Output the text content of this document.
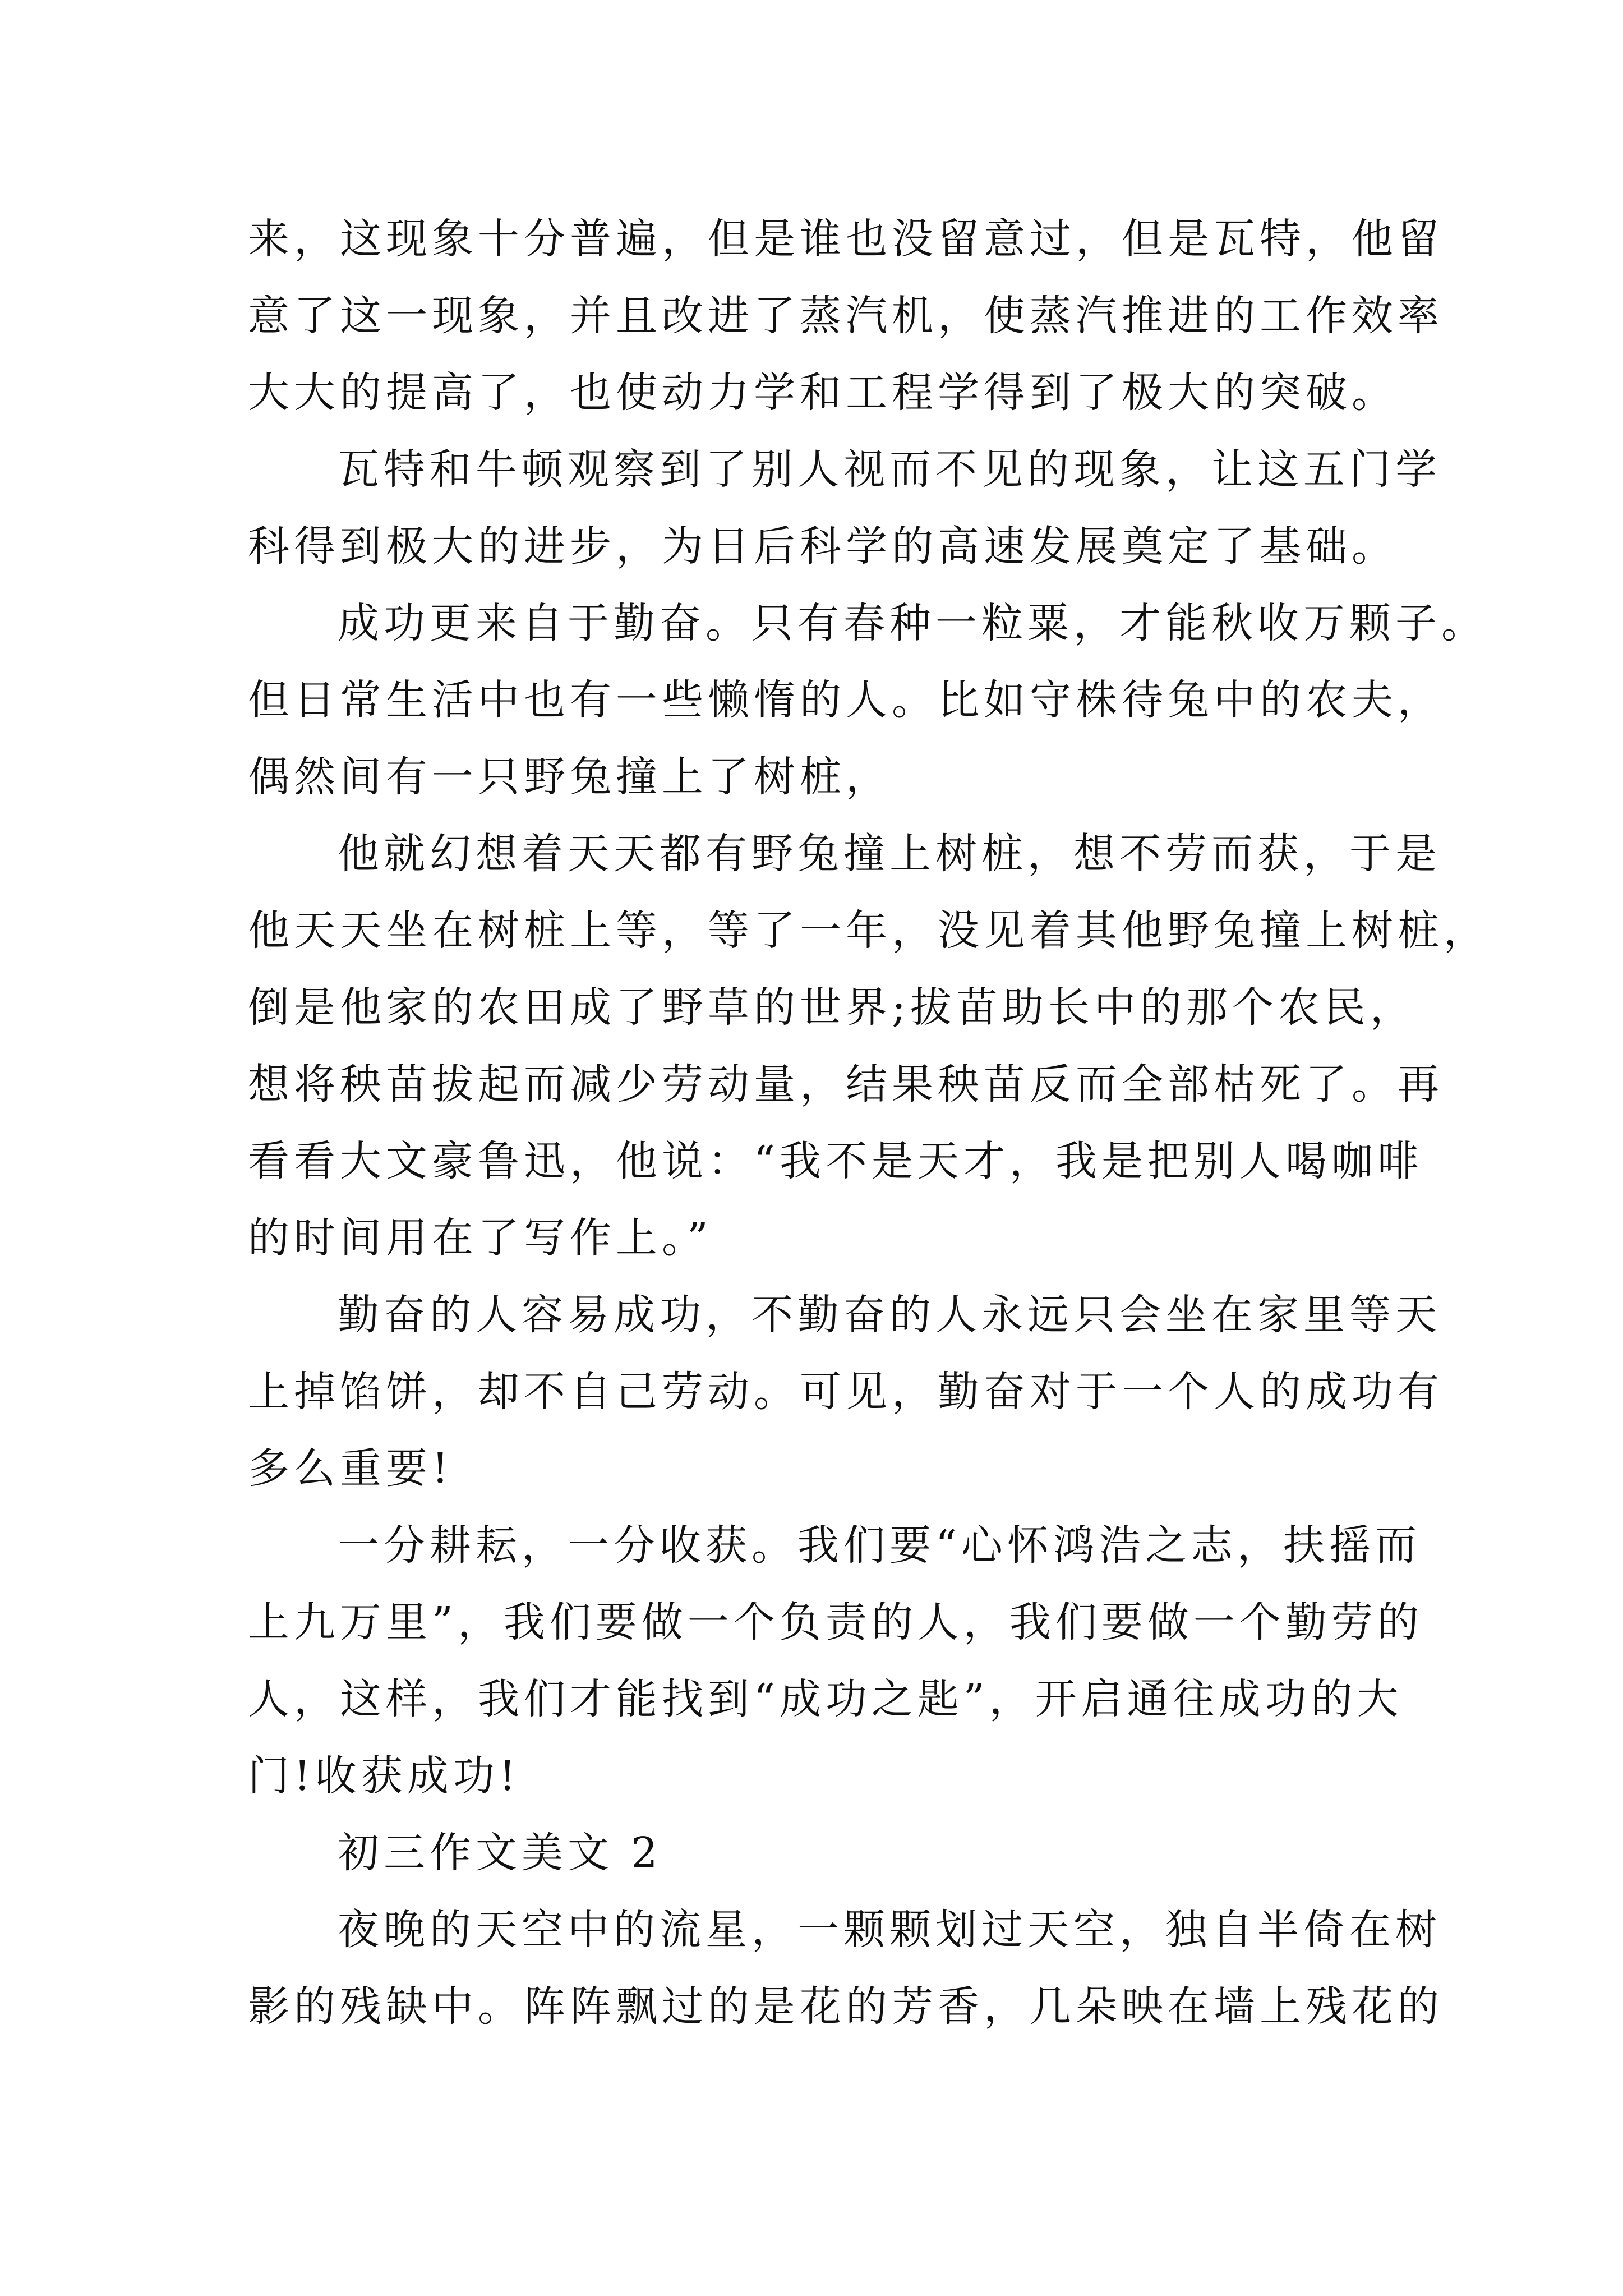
来，这现象十分普遍，但是谁也没留意过，但是瓦特，他留
意了这一现象，并且改进了蒸汽机，使蒸汽推进的工作效率
大大的提高了，也使动力学和工程学得到了极大的突破。
瓦特和牛顿观察到了别人视而不见的现象，让这五门学
科得到极大的进步，为日后科学的高速发展奠定了基础。
成功更来自于勤奋。只有春种一粒粟，才能秋收万颗子。
但日常生活中也有一些懒惰的人。比如守株待兔中的农夫，
偶然间有一只野兔撞上了树桩，
他就幻想着天天都有野兔撞上树桩，想不劳而获，于是
他天天坐在树桩上等，等了一年，没见着其他野兔撞上树桩，
倒是他家的农田成了野草的世界;拔苗助长中的那个农民，
想将秧苗拔起而减少劳动量，结果秧苗反而全部枯死了。再
看看大文豪鲁迅，他说：“我不是天才，我是把别人喝咖啡
的时间用在了写作上。”
勤奋的人容易成功，不勤奋的人永远只会坐在家里等天
上掉馅饼，却不自己劳动。可见，勤奋对于一个人的成功有
多么重要!
一分耕耘，一分收获。我们要“心怀鸿浩之志，扶摇而
上九万里”，我们要做一个负责的人，我们要做一个勤劳的
人，这样，我们才能找到“成功之匙”，开启通往成功的大
门!收获成功!
初三作文美文 2
夜晚的天空中的流星，一颗颗划过天空，独自半倚在树
影的残缺中。阵阵飘过的是花的芳香，几朵映在墙上残花的
